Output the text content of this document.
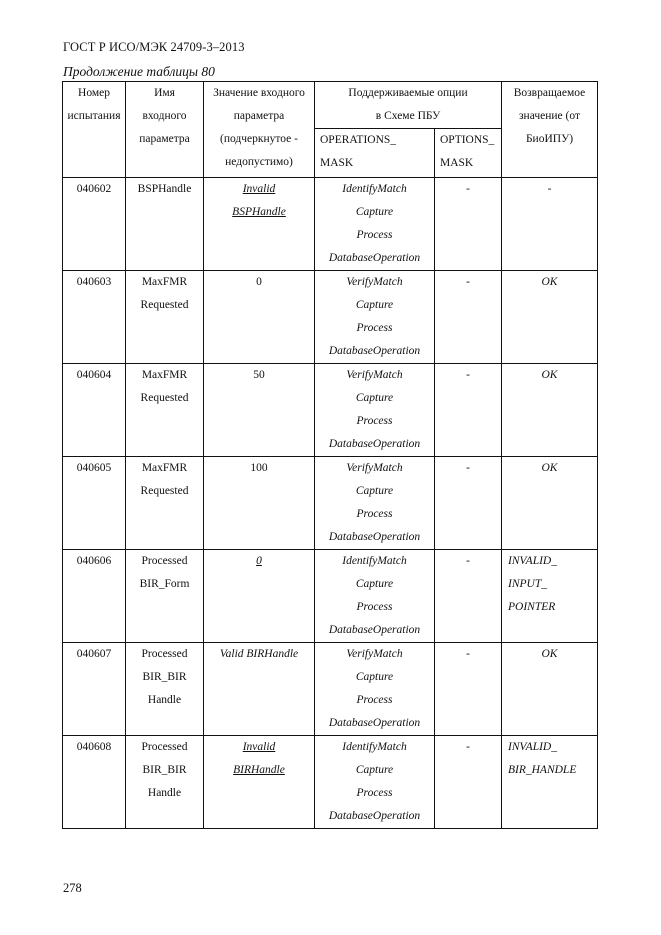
ГОСТ Р ИСО/МЭК 24709-3–2013
Продолжение таблицы 80
Номер
испытания	Имя
входного
параметра	Значение входного
параметра
(подчеркнутое -
недопустимо)	Поддерживаемые опции
в Схеме ПБУ		Возвращаемое
значение (от
БиоИПУ)

			OPERATIONS_
MASK	OPTIONS_
MASK	

040602	BSPHandle	Invalid
BSPHandle	IdentifyMatch
Capture
Process
DatabaseOperation	-	-

040603	MaxFMR
Requested	0	VerifyMatch
Capture
Process
DatabaseOperation	-	OK

040604	MaxFMR
Requested	50	VerifyMatch
Capture
Process
DatabaseOperation	-	OK

040605	MaxFMR
Requested	100	VerifyMatch
Capture
Process
DatabaseOperation	-	OK

040606	Processed
BIR_Form	0	IdentifyMatch
Capture
Process
DatabaseOperation	-	INVALID_
INPUT_
POINTER

040607	Processed
BIR_BIR
Handle	Valid BIRHandle	VerifyMatch
Capture
Process
DatabaseOperation	-	OK

040608	Processed
BIR_BIR
Handle	Invalid
BIRHandle	IdentifyMatch
Capture
Process
DatabaseOperation	-	INVALID_
BIR_HANDLE
278
